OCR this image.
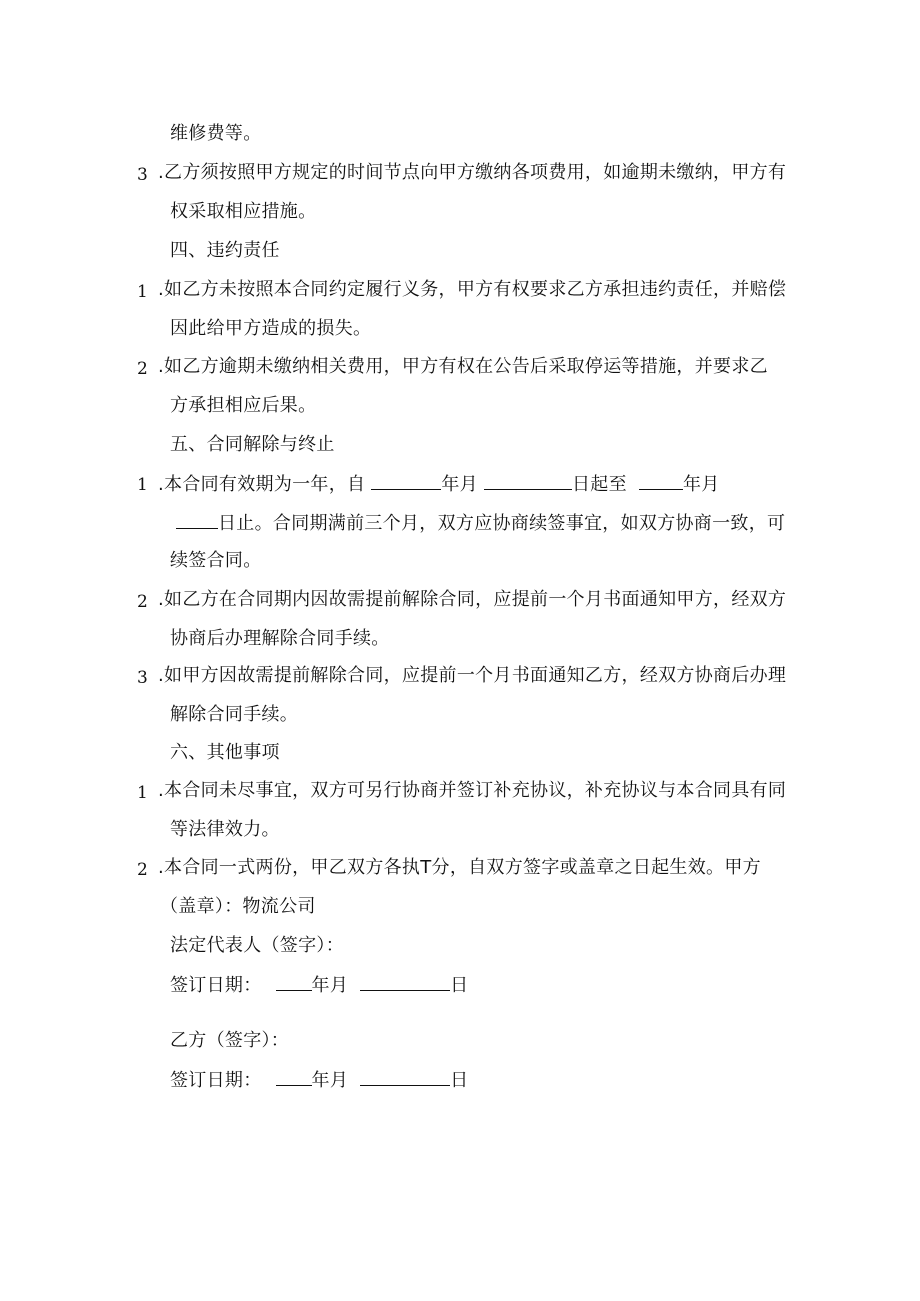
维修费等。
3 .乙方须按照甲方规定的时间节点向甲方缴纳各项费用，如逾期未缴纳，甲方有
权采取相应措施。
四、违约责任
1 .如乙方未按照本合同约定履行义务，甲方有权要求乙方承担违约责任，并赔偿
因此给甲方造成的损失。
2 .如乙方逾期未缴纳相关费用，甲方有权在公告后采取停运等措施，并要求乙
方承担相应后果。
五、合同解除与终止
1 .本合同有效期为一年，自	年月	日起至	年月
日止。合同期满前三个月，双方应协商续签事宜，如双方协商一致，可
续签合同。
2 .如乙方在合同期内因故需提前解除合同，应提前一个月书面通知甲方，经双方
协商后办理解除合同手续。
3 .如甲方因故需提前解除合同，应提前一个月书面通知乙方，经双方协商后办理
解除合同手续。
六、其他事项
1 .本合同未尽事宜，双方可另行协商并签订补充协议，补充协议与本合同具有同
等法律效力。
2 .本合同一式两份，甲乙双方各执T分，自双方签字或盖章之日起生效。甲方
（盖章）：物流公司
法定代表人（签字）：
签订日期：	年月	日
乙方（签字）：
签订日期：	年月	日
